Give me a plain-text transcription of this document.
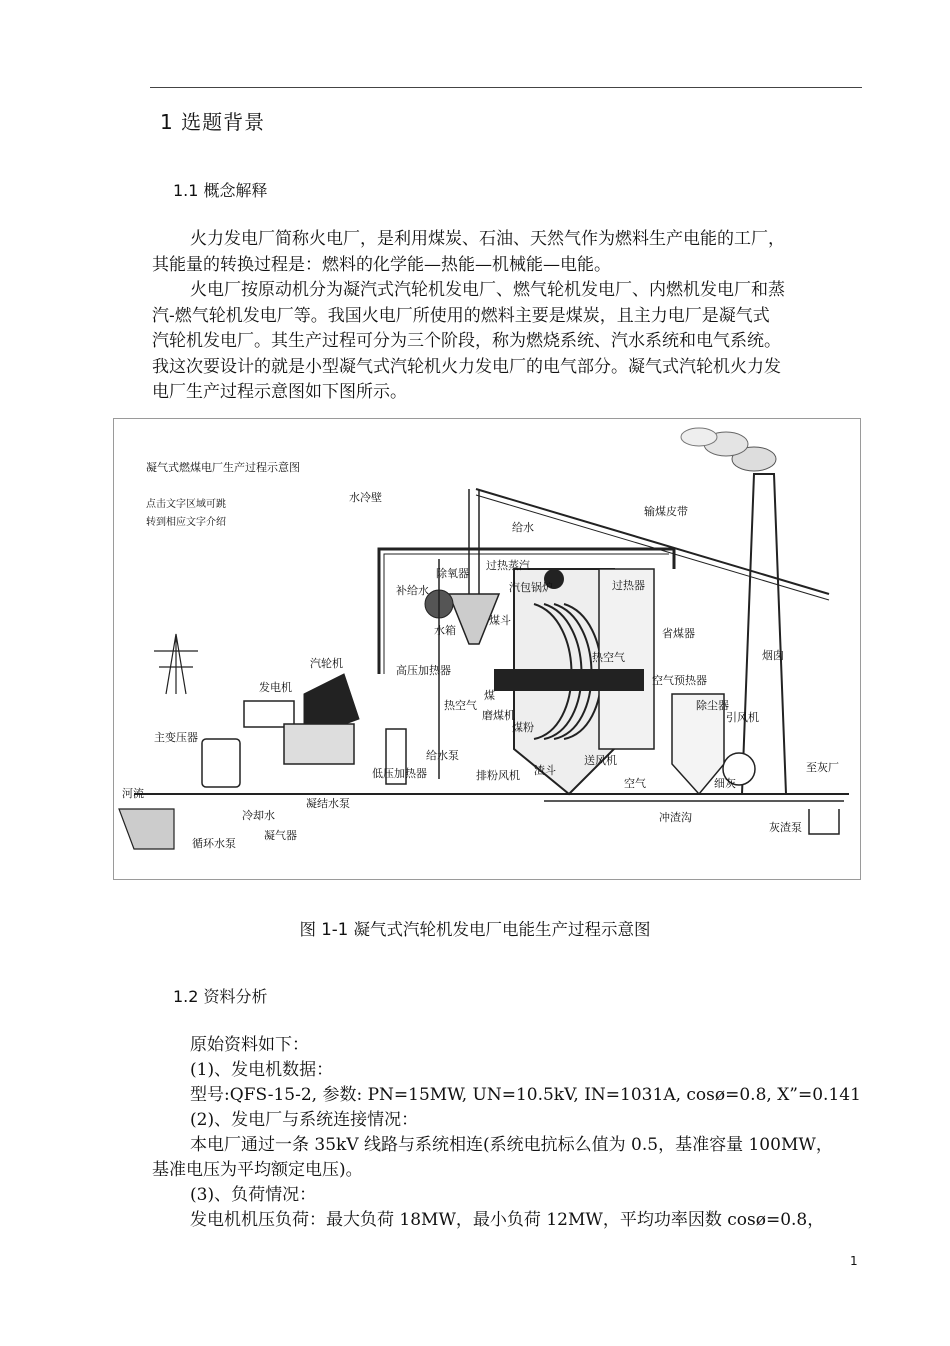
1 选题背景
1.1 概念解释
火力发电厂简称火电厂，是利用煤炭、石油、天然气作为燃料生产电能的工厂，
其能量的转换过程是：燃料的化学能—热能—机械能—电能。
火电厂按原动机分为凝汽式汽轮机发电厂、燃气轮机发电厂、内燃机发电厂和蒸
汽-燃气轮机发电厂等。我国火电厂所使用的燃料主要是煤炭，且主力电厂是凝气式
汽轮机发电厂。其生产过程可分为三个阶段，称为燃烧系统、汽水系统和电气系统。
我这次要设计的就是小型凝气式汽轮机火力发电厂的电气部分。凝气式汽轮机火力发
电厂生产过程示意图如下图所示。
凝气式燃煤电厂生产过程示意图
点击文字区域可跳
转到相应文字介绍
水冷壁
输煤皮带
给水
过热蒸汽
汽包锅炉
除氧器
补给水
水箱
煤斗
过热器
省煤器
热空气
空气预热器
烟囱
发电机
汽轮机
高压加热器
热空气
煤
磨煤机
煤粉
除尘器
引风机
主变压器
低压加热器
给水泵
排粉风机 渣斗
送风机
空气	细灰
至灰厂
河流
冷却水
凝结水泵
冲渣沟
灰渣泵
循环水泵
凝气器
图 1-1 凝气式汽轮机发电厂电能生产过程示意图
1.2 资料分析
原始资料如下：
(1)、发电机数据：
型号:QFS-15-2, 参数: PN=15MW, UN=10.5kV, IN=1031A, cosø=0.8, X”=0.141
(2)、发电厂与系统连接情况：
本电厂通过一条 35kV 线路与系统相连(系统电抗标么值为 0.5，基准容量 100MW，
基准电压为平均额定电压)。
(3)、负荷情况：
发电机机压负荷：最大负荷 18MW，最小负荷 12MW，平均功率因数 cosø=0.8，
1
